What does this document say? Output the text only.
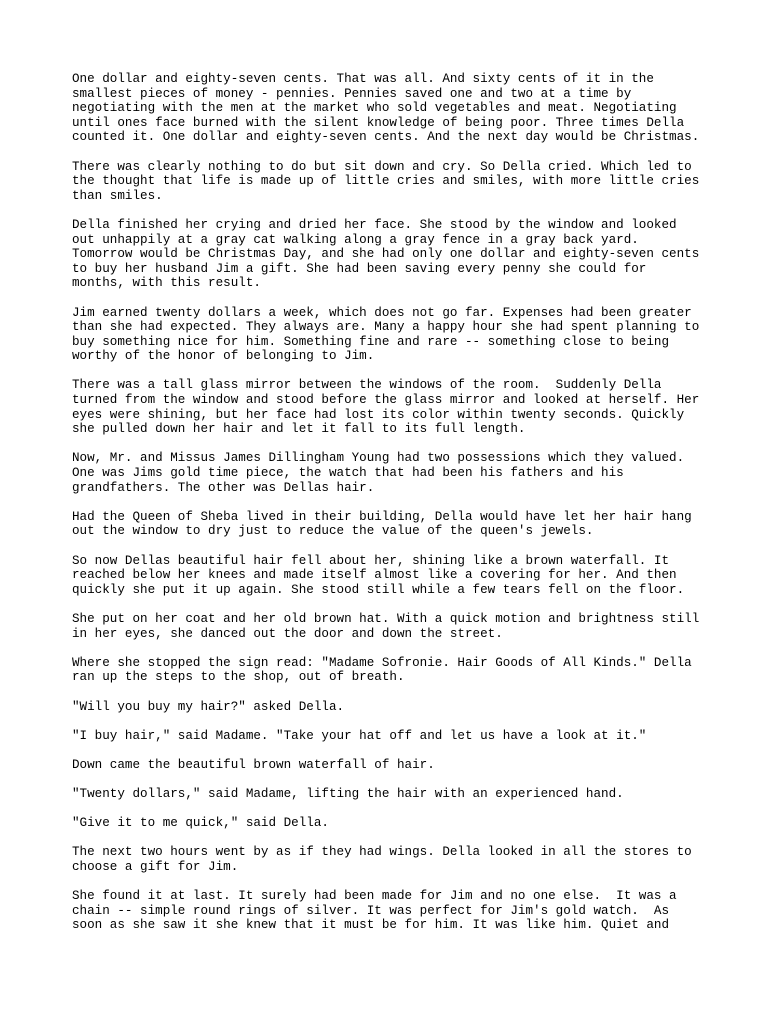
One dollar and eighty-seven cents. That was all. And sixty cents of it in the
smallest pieces of money - pennies. Pennies saved one and two at a time by
negotiating with the men at the market who sold vegetables and meat. Negotiating
until ones face burned with the silent knowledge of being poor. Three times Della
counted it. One dollar and eighty-seven cents. And the next day would be Christmas.
There was clearly nothing to do but sit down and cry. So Della cried. Which led to
the thought that life is made up of little cries and smiles, with more little cries
than smiles.
Della finished her crying and dried her face. She stood by the window and looked
out unhappily at a gray cat walking along a gray fence in a gray back yard.
Tomorrow would be Christmas Day, and she had only one dollar and eighty-seven cents
to buy her husband Jim a gift. She had been saving every penny she could for
months, with this result.
Jim earned twenty dollars a week, which does not go far. Expenses had been greater
than she had expected. They always are. Many a happy hour she had spent planning to
buy something nice for him. Something fine and rare -- something close to being
worthy of the honor of belonging to Jim.
There was a tall glass mirror between the windows of the room.  Suddenly Della
turned from the window and stood before the glass mirror and looked at herself. Her
eyes were shining, but her face had lost its color within twenty seconds. Quickly
she pulled down her hair and let it fall to its full length.
Now, Mr. and Missus James Dillingham Young had two possessions which they valued.
One was Jims gold time piece, the watch that had been his fathers and his
grandfathers. The other was Dellas hair.
Had the Queen of Sheba lived in their building, Della would have let her hair hang
out the window to dry just to reduce the value of the queen's jewels.
So now Dellas beautiful hair fell about her, shining like a brown waterfall. It
reached below her knees and made itself almost like a covering for her. And then
quickly she put it up again. She stood still while a few tears fell on the floor.
She put on her coat and her old brown hat. With a quick motion and brightness still
in her eyes, she danced out the door and down the street.
Where she stopped the sign read: "Madame Sofronie. Hair Goods of All Kinds." Della
ran up the steps to the shop, out of breath.
"Will you buy my hair?" asked Della.
"I buy hair," said Madame. "Take your hat off and let us have a look at it."
Down came the beautiful brown waterfall of hair.
"Twenty dollars," said Madame, lifting the hair with an experienced hand.
"Give it to me quick," said Della.
The next two hours went by as if they had wings. Della looked in all the stores to
choose a gift for Jim.
She found it at last. It surely had been made for Jim and no one else.  It was a
chain -- simple round rings of silver. It was perfect for Jim's gold watch.  As
soon as she saw it she knew that it must be for him. It was like him. Quiet and
